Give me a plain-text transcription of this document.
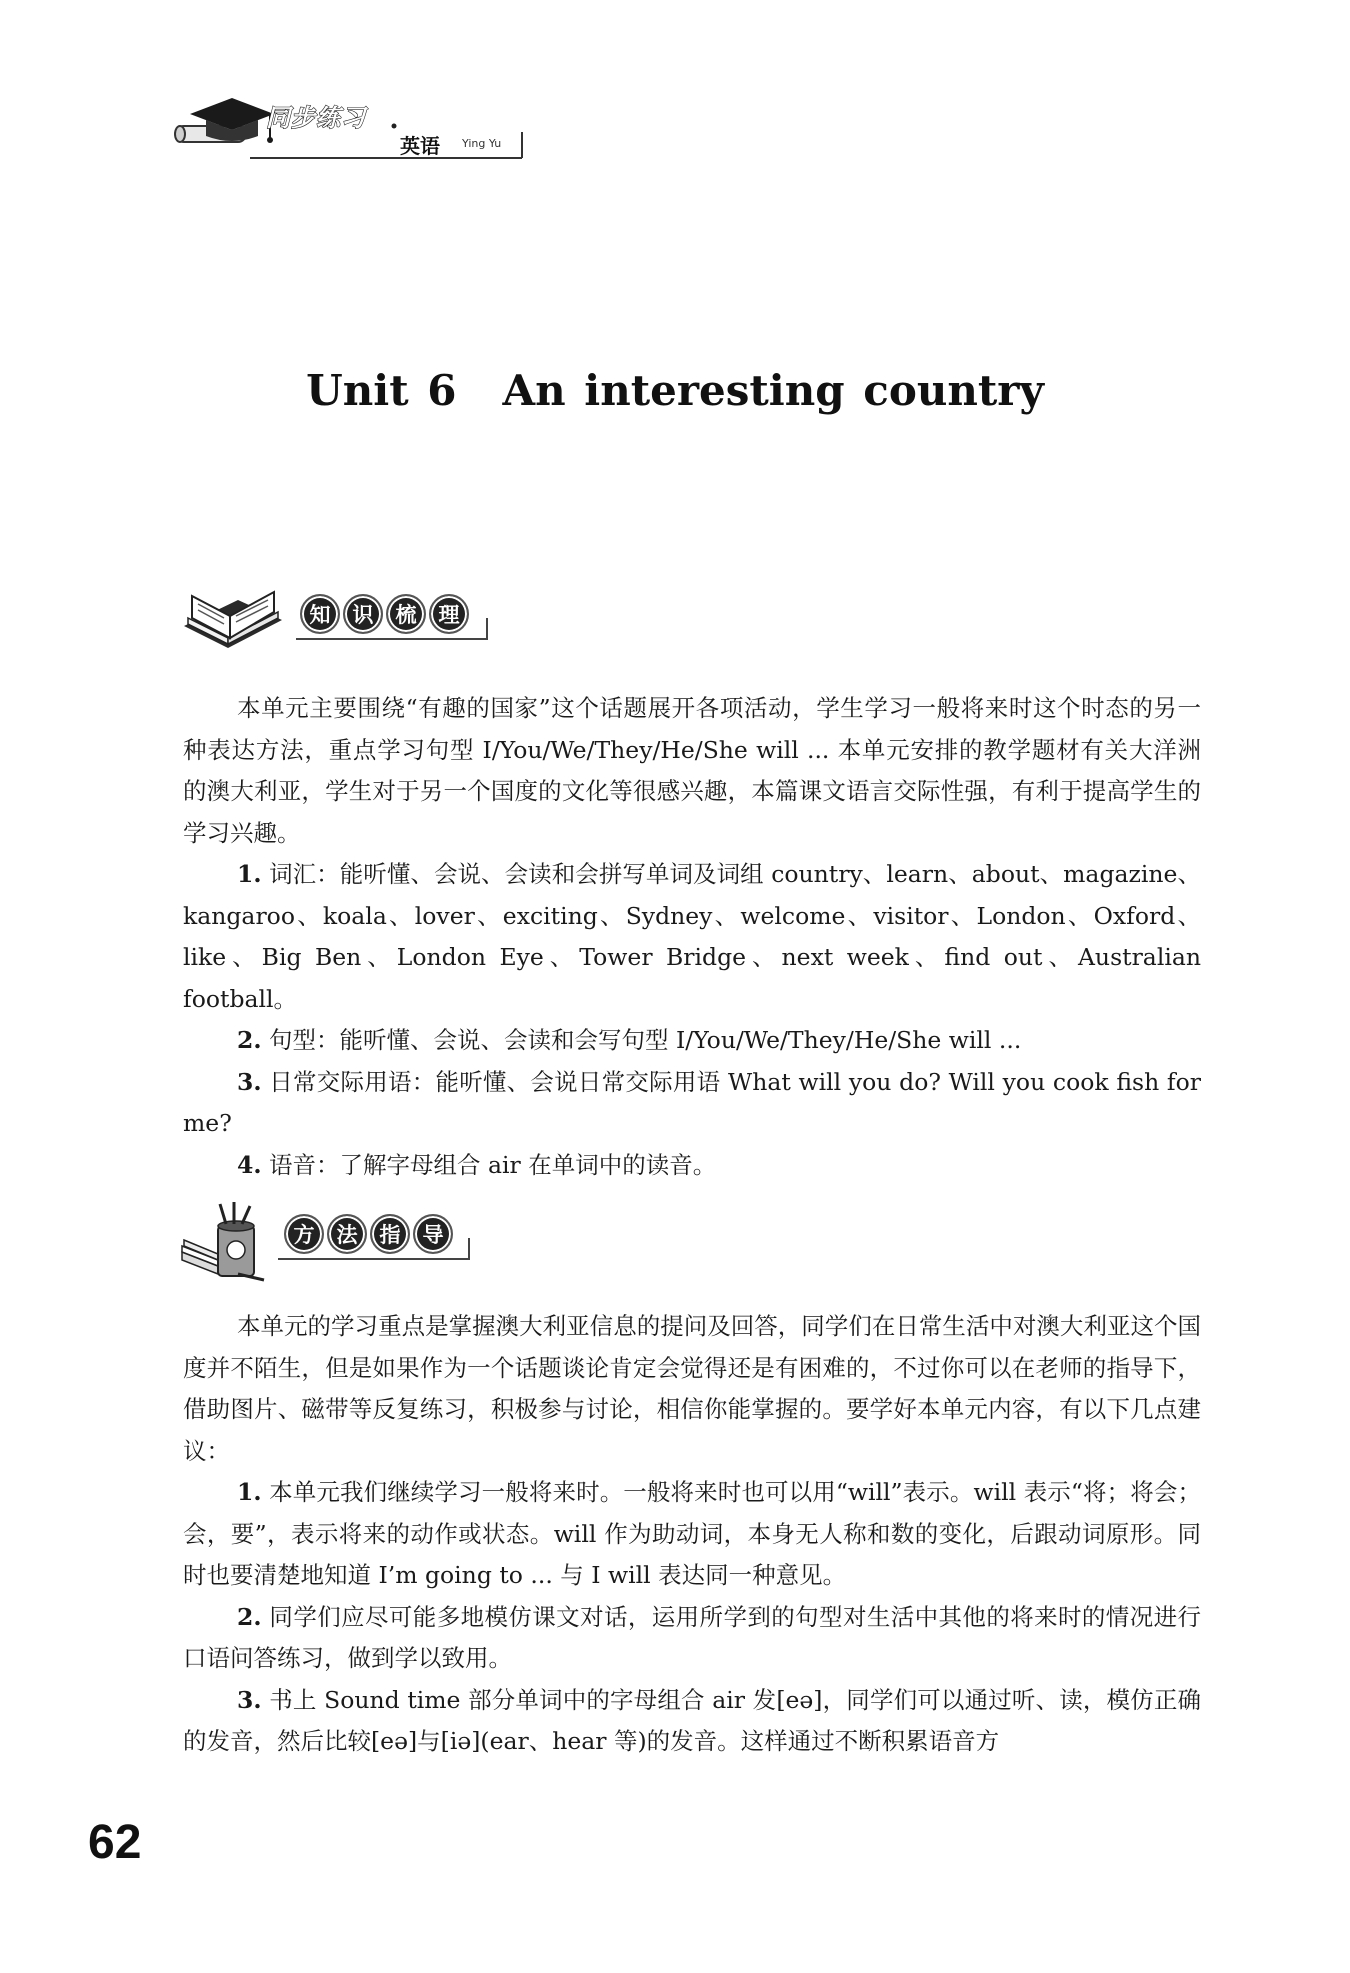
同步练习
英语 Ying Yu
Unit 6 An interesting country
知	识	梳	理

本单元主要围绕“有趣的国家”这个话题展开各项活动，学生学习一般将来时这个时态的另一种表达方法，重点学习句型 I/You/We/They/He/She will ... 本单元安排的教学题材有关大洋洲的澳大利亚，学生对于另一个国度的文化等很感兴趣，本篇课文语言交际性强，有利于提高学生的学习兴趣。

1. 词汇：能听懂、会说、会读和会拼写单词及词组 country、learn、about、magazine、kangaroo、koala、lover、exciting、Sydney、welcome、visitor、London、Oxford、like、Big Ben、London Eye、Tower Bridge、next week、find out、Australian football。

2. 句型：能听懂、会说、会读和会写句型 I/You/We/They/He/She will ...

3. 日常交际用语：能听懂、会说日常交际用语 What will you do? Will you cook fish for me?

4. 语音：了解字母组合 air 在单词中的读音。

方	法	指	导

本单元的学习重点是掌握澳大利亚信息的提问及回答，同学们在日常生活中对澳大利亚这个国度并不陌生，但是如果作为一个话题谈论肯定会觉得还是有困难的，不过你可以在老师的指导下，借助图片、磁带等反复练习，积极参与讨论，相信你能掌握的。要学好本单元内容，有以下几点建议：

1. 本单元我们继续学习一般将来时。一般将来时也可以用“will”表示。will 表示“将；将会；会，要”，表示将来的动作或状态。will 作为助动词，本身无人称和数的变化，后跟动词原形。同时也要清楚地知道 I’m going to ... 与 I will 表达同一种意见。

2. 同学们应尽可能多地模仿课文对话，运用所学到的句型对生活中其他的将来时的情况进行口语问答练习，做到学以致用。

3. 书上 Sound time 部分单词中的字母组合 air 发[eə]，同学们可以通过听、读，模仿正确的发音，然后比较[eə]与[iə](ear、hear 等)的发音。这样通过不断积累语音方

62
